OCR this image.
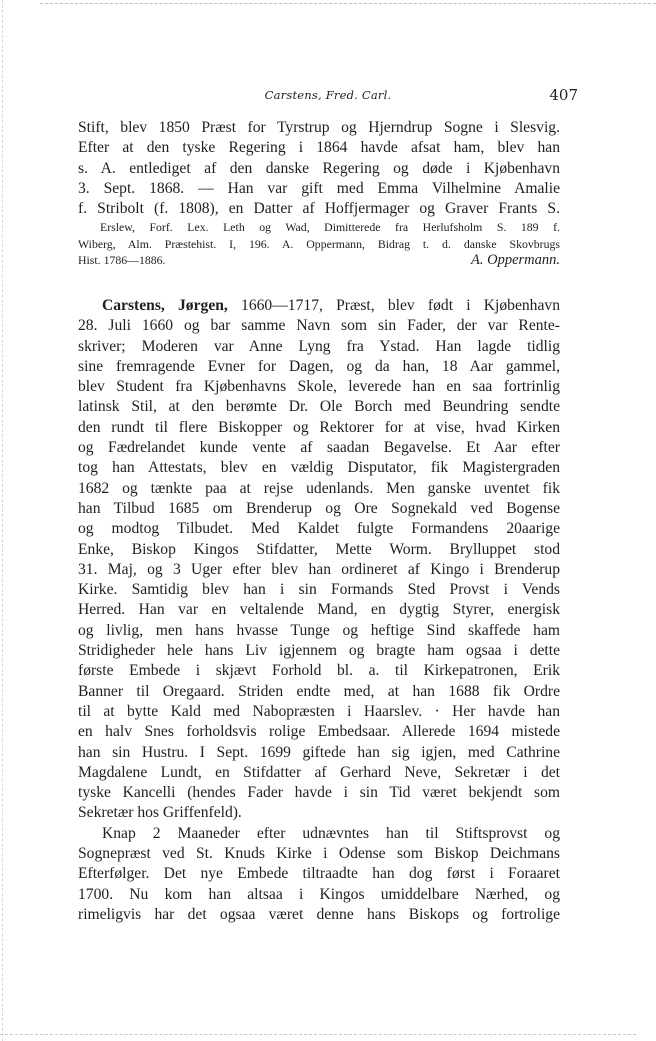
Carstens, Fred. Carl.	407
Stift, blev 1850 Præst for Tyrstrup og Hjerndrup Sogne i Slesvig.
Efter at den tyske Regering i 1864 havde afsat ham, blev han
s. A. entlediget af den danske Regering og døde i Kjøbenhavn
3. Sept. 1868. — Han var gift med Emma Vilhelmine Amalie
f. Stribolt (f. 1808), en Datter af Hoffjermager og Graver Frants S.
Erslew, Forf. Lex. Leth og Wad, Dimitterede fra Herlufsholm S. 189 f.
Wiberg, Alm. Præstehist. I, 196. A. Oppermann, Bidrag t. d. danske Skovbrugs
Hist. 1786—1886.	A. Oppermann.
Carstens, Jørgen, 1660—1717, Præst, blev født i Kjøbenhavn
28. Juli 1660 og bar samme Navn som sin Fader, der var Rente-
skriver; Moderen var Anne Lyng fra Ystad. Han lagde tidlig
sine fremragende Evner for Dagen, og da han, 18 Aar gammel,
blev Student fra Kjøbenhavns Skole, leverede han en saa fortrinlig
latinsk Stil, at den berømte Dr. Ole Borch med Beundring sendte
den rundt til flere Biskopper og Rektorer for at vise, hvad Kirken
og Fædrelandet kunde vente af saadan Begavelse. Et Aar efter
tog han Attestats, blev en vældig Disputator, fik Magistergraden
1682 og tænkte paa at rejse udenlands. Men ganske uventet fik
han Tilbud 1685 om Brenderup og Ore Sognekald ved Bogense
og modtog Tilbudet. Med Kaldet fulgte Formandens 20aarige
Enke, Biskop Kingos Stifdatter, Mette Worm. Brylluppet stod
31. Maj, og 3 Uger efter blev han ordineret af Kingo i Brenderup
Kirke. Samtidig blev han i sin Formands Sted Provst i Vends
Herred. Han var en veltalende Mand, en dygtig Styrer, energisk
og livlig, men hans hvasse Tunge og heftige Sind skaffede ham
Stridigheder hele hans Liv igjennem og bragte ham ogsaa i dette
første Embede i skjævt Forhold bl. a. til Kirkepatronen, Erik
Banner til Oregaard. Striden endte med, at han 1688 fik Ordre
til at bytte Kald med Nabopræsten i Haarslev. · Her havde han
en halv Snes forholdsvis rolige Embedsaar. Allerede 1694 mistede
han sin Hustru. I Sept. 1699 giftede han sig igjen, med Cathrine
Magdalene Lundt, en Stifdatter af Gerhard Neve, Sekretær i det
tyske Kancelli (hendes Fader havde i sin Tid været bekjendt som
Sekretær hos Griffenfeld).
Knap 2 Maaneder efter udnævntes han til Stiftsprovst og
Sognepræst ved St. Knuds Kirke i Odense som Biskop Deichmans
Efterfølger. Det nye Embede tiltraadte han dog først i Foraaret
1700. Nu kom han altsaa i Kingos umiddelbare Nærhed, og
rimeligvis har det ogsaa været denne hans Biskops og fortrolige
